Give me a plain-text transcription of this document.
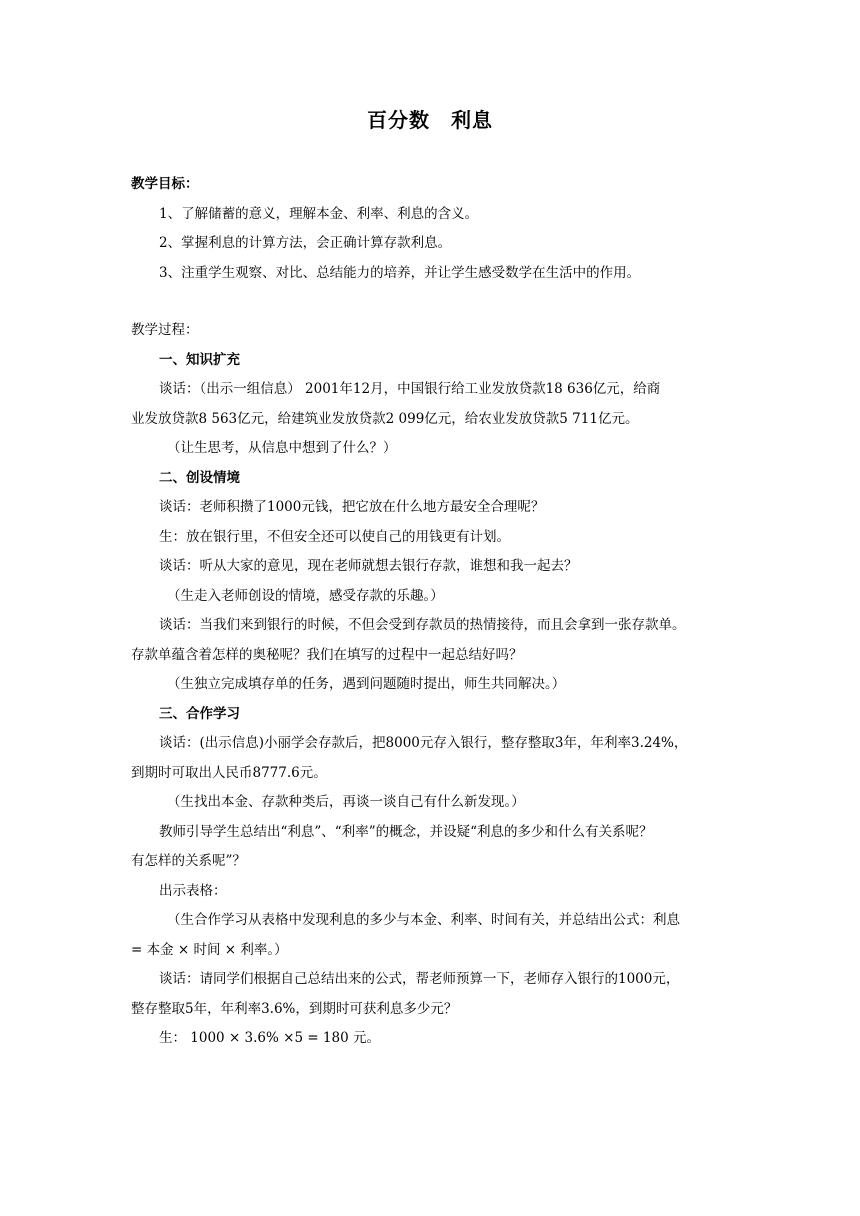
百分数　利息
教学目标：
1、了解储蓄的意义，理解本金、利率、利息的含义。
2、掌握利息的计算方法，会正确计算存款利息。
3、注重学生观察、对比、总结能力的培养，并让学生感受数学在生活中的作用。
教学过程：
一、知识扩充
谈话：（出示一组信息） 2001年12月，中国银行给工业发放贷款18 636亿元，给商
业发放贷款8 563亿元，给建筑业发放贷款2 099亿元，给农业发放贷款5 711亿元。
（让生思考，从信息中想到了什么？）
二、创设情境
谈话：老师积攒了1000元钱，把它放在什么地方最安全合理呢？
生：放在银行里，不但安全还可以使自己的用钱更有计划。
谈话：听从大家的意见，现在老师就想去银行存款，谁想和我一起去？
（生走入老师创设的情境，感受存款的乐趣。）
谈话：当我们来到银行的时候，不但会受到存款员的热情接待，而且会拿到一张存款单。
存款单蕴含着怎样的奥秘呢？我们在填写的过程中一起总结好吗？
（生独立完成填存单的任务，遇到问题随时提出，师生共同解决。）
三、合作学习
谈话：(出示信息)小丽学会存款后，把8000元存入银行，整存整取3年，年利率3.24%，
到期时可取出人民币8777.6元。
（生找出本金、存款种类后，再谈一谈自己有什么新发现。）
教师引导学生总结出“利息”、“利率”的概念，并设疑“利息的多少和什么有关系呢？
有怎样的关系呢”？
出示表格：
（生合作学习从表格中发现利息的多少与本金、利率、时间有关，并总结出公式：利息
= 本金 × 时间 × 利率。）
谈话：请同学们根据自己总结出来的公式，帮老师预算一下，老师存入银行的1000元，
整存整取5年，年利率3.6%，到期时可获利息多少元？
生： 1000 × 3.6% ×5 = 180 元。
